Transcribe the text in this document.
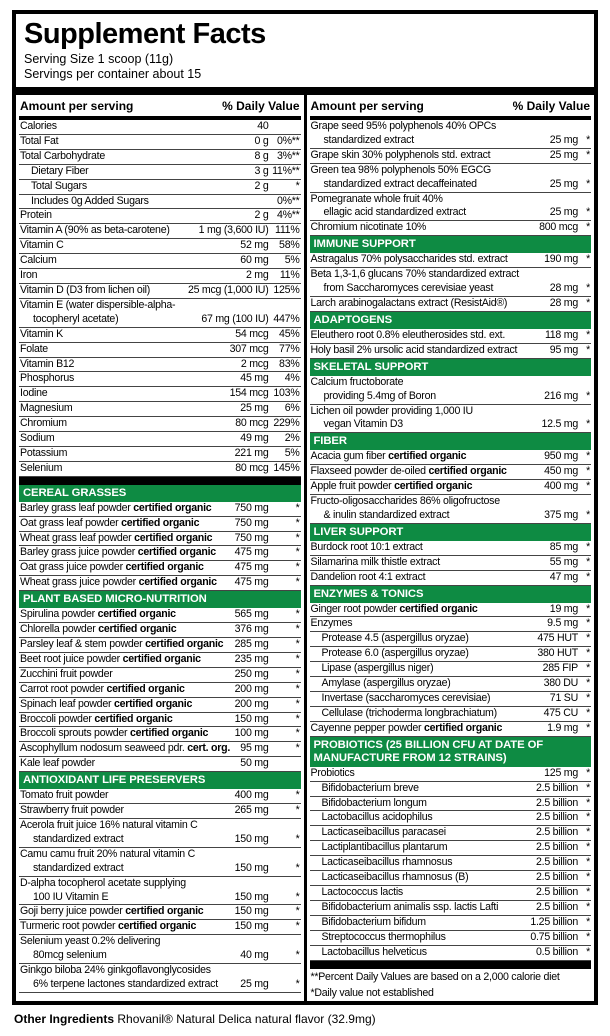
Supplement Facts
Serving Size 1 scoop (11g)
Servings per container about 15
Amount per serving	% Daily Value
Calories	40
Total Fat	0 g 0%**
Total Carbohydrate	8 g 3%**
Dietary Fiber	3 g 11%**
Total Sugars	2 g	*
Includes 0g Added Sugars	0%**
Protein	2 g 4%**
Vitamin A (90% as beta-carotene)	1 mg (3,600 IU) 111%
Vitamin C	52 mg 58%
Calcium	60 mg	5%
Iron	2 mg	11%
Vitamin D (D3 from lichen oil)	25 mcg (1,000 IU) 125%
Vitamin E (water dispersible-alpha-
tocopheryl acetate)	67 mg (100 IU) 447%
Vitamin K	54 mcg 45%
Folate	307 mcg 77%
Vitamin B12	2 mcg 83%
Phosphorus	45 mg	4%
Iodine	154 mcg 103%
Magnesium	25 mg	6%
Chromium	80 mcg 229%
Sodium	49 mg	2%
Potassium	221 mg	5%
Selenium	80 mcg 145%
CEREAL GRASSES
Barley grass leaf powder certified organic	750 mg	*
Oat grass leaf powder certified organic	750 mg	*
Wheat grass leaf powder certified organic	750 mg	*
Barley grass juice powder certified organic	475 mg	*
Oat grass juice powder certified organic	475 mg	*
Wheat grass juice powder certified organic	475 mg	*
PLANT BASED MICRO-NUTRITION
Spirulina powder certified organic	565 mg	*
Chlorella powder certified organic	376 mg	*
Parsley leaf & stem powder certified organic	285 mg	*
Beet root juice powder certified organic	235 mg	*
Zucchini fruit powder	250 mg	*
Carrot root powder certified organic	200 mg	*
Spinach leaf powder certified organic	200 mg	*
Broccoli powder certified organic	150 mg	*
Broccoli sprouts powder certified organic	100 mg	*
Ascophyllum nodosum seaweed pdr. cert. org. 95 mg	*
Kale leaf powder	50 mg
ANTIOXIDANT LIFE PRESERVERS
Tomato fruit powder	400 mg	*
Strawberry fruit powder	265 mg	*
Acerola fruit juice 16% natural vitamin C
standardized extract	150 mg	*
Camu camu fruit 20% natural vitamin C
standardized extract	150 mg	*
D-alpha tocopherol acetate supplying
100 IU Vitamin E	150 mg	*
Goji berry juice powder certified organic	150 mg	*
Turmeric root powder certified organic	150 mg	*
Selenium yeast 0.2% delivering
80mcg selenium	40 mg	*
Ginkgo biloba 24% ginkgoflavonglycosides
6% terpene lactones standardized extract	25 mg	*
Amount per serving	% Daily Value
Grape seed 95% polyphenols 40% OPCs
standardized extract	25 mg *
Grape skin 30% polyphenols std. extract	25 mg *
Green tea 98% polyphenols 50% EGCG
standardized extract decaffeinated	25 mg *
Pomegranate whole fruit 40%
ellagic acid standardized extract	25 mg *
Chromium nicotinate 10%	800 mcg *
IMMUNE SUPPORT
Astragalus 70% polysaccharides std. extract	190 mg *
Beta 1,3-1,6 glucans 70% standardized extract
from Saccharomyces cerevisiae yeast	28 mg *
Larch arabinogalactans extract (ResistAid®)	28 mg *
ADAPTOGENS
Eleuthero root 0.8% eleutherosides std. ext.	118 mg *
Holy basil 2% ursolic acid standardized extract	95 mg *
SKELETAL SUPPORT
Calcium fructoborate
providing 5.4mg of Boron	216 mg *
Lichen oil powder providing 1,000 IU
vegan Vitamin D3	12.5 mg *
FIBER
Acacia gum fiber certified organic	950 mg *
Flaxseed powder de-oiled certified organic	450 mg *
Apple fruit powder certified organic	400 mg *
Fructo-oligosaccharides 86% oligofructose
& inulin standardized extract	375 mg *
LIVER SUPPORT
Burdock root 10:1 extract	85 mg *
Silamarina milk thistle extract	55 mg *
Dandelion root 4:1 extract	47 mg *
ENZYMES & TONICS
Ginger root powder certified organic	19 mg *
Enzymes	9.5 mg *
Protease 4.5 (aspergillus oryzae)	475 HUT *
Protease 6.0 (aspergillus oryzae)	380 HUT *
Lipase (aspergillus niger)	285 FIP *
Amylase (aspergillus oryzae)	380 DU *
Invertase (saccharomyces cerevisiae)	71 SU *
Cellulase (trichoderma longbrachiatum)	475 CU *
Cayenne pepper powder certified organic	1.9 mg *
PROBIOTICS (25 BILLION CFU AT DATE OF MANUFACTURE FROM 12 STRAINS)
Probiotics	125 mg *
Bifidobacterium breve	2.5 billion *
Bifidobacterium longum	2.5 billion *
Lactobacillus acidophilus	2.5 billion *
Lacticaseibacillus paracasei	2.5 billion *
Lactiplantibacillus plantarum	2.5 billion *
Lacticaseibacillus rhamnosus	2.5 billion *
Lacticaseibacillus rhamnosus (B)	2.5 billion *
Lactococcus lactis	2.5 billion *
Bifidobacterium animalis ssp. lactis Lafti	2.5 billion *
Bifidobacterium bifidum	1.25 billion *
Streptococcus thermophilus	0.75 billion *
Lactobacillus helveticus	0.5 billion *
**Percent Daily Values are based on a 2,000 calorie diet
*Daily value not established
Other Ingredients Rhovanil® Natural Delica natural flavor (32.9mg)
